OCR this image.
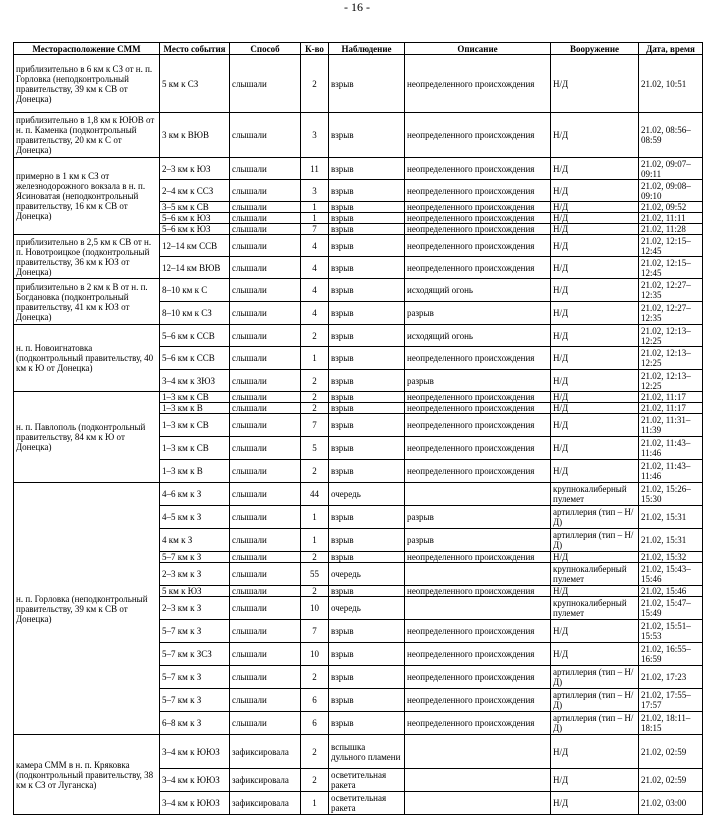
- 16 -
Месторасположение СММ	Место события	Способ	К-во	Наблюдение	Описание	Вооружение	Дата, время
приблизительно в 6 км к СЗ от н. п. Горловка (неподконтрольный правительству, 39 км к СВ от Донецка)	5 км к СЗ	слышали	2	взрыв	неопределенного происхождения	Н/Д	21.02, 10:51
приблизительно в 1,8 км к ЮЮВ от н. п. Каменка (подконтрольный правительству, 20 км к С от Донецка)	3 км к ВЮВ	слышали	3	взрыв	неопределенного происхождения	Н/Д	21.02, 08:56–08:59
примерно в 1 км к СЗ от железнодорожного вокзала в н. п. Ясиноватая (неподконтрольный правительству, 16 км к СВ от Донецка)	2–3 км к ЮЗ	слышали	11	взрыв	неопределенного происхождения	Н/Д	21.02, 09:07–09:11
	2–4 км к ССЗ	слышали	3	взрыв	неопределенного происхождения	Н/Д	21.02, 09:08–09:10
	3–5 км к СВ	слышали	1	взрыв	неопределенного происхождения	Н/Д	21.02, 09:52
	5–6 км к ЮЗ	слышали	1	взрыв	неопределенного происхождения	Н/Д	21.02, 11:11
	5–6 км к ЮЗ	слышали	7	взрыв	неопределенного происхождения	Н/Д	21.02, 11:28
приблизительно в 2,5 км к СВ от н. п. Новотроицкое (подконтрольный правительству, 36 км к ЮЗ от Донецка)	12–14 км ССВ	слышали	4	взрыв	неопределенного происхождения	Н/Д	21.02, 12:15–12:45
	12–14 км ВЮВ	слышали	4	взрыв	неопределенного происхождения	Н/Д	21.02, 12:15–12:45
приблизительно в 2 км к В от н. п. Богдановка (подконтрольный правительству, 41 км к ЮЗ от Донецка)	8–10 км к С	слышали	4	взрыв	исходящий огонь	Н/Д	21.02, 12:27–12:35
	8–10 км к СЗ	слышали	4	взрыв	разрыв	Н/Д	21.02, 12:27–12:35
н. п. Новоигнатовка (подконтрольный правительству, 40 км к Ю от Донецка)	5–6 км к ССВ	слышали	2	взрыв	исходящий огонь	Н/Д	21.02, 12:13–12:25
	5–6 км к ССВ	слышали	1	взрыв	неопределенного происхождения	Н/Д	21.02, 12:13–12:25
	3–4 км к ЗЮЗ	слышали	2	взрыв	разрыв	Н/Д	21.02, 12:13–12:25
н. п. Павлополь (подконтрольный правительству, 84 км к Ю от Донецка)	1–3 км к СВ	слышали	2	взрыв	неопределенного происхождения	Н/Д	21.02, 11:17
	1–3 км к В	слышали	2	взрыв	неопределенного происхождения	Н/Д	21.02, 11:17
	1–3 км к СВ	слышали	7	взрыв	неопределенного происхождения	Н/Д	21.02, 11:31–11:39
	1–3 км к СВ	слышали	5	взрыв	неопределенного происхождения	Н/Д	21.02, 11:43–11:46
	1–3 км к В	слышали	2	взрыв	неопределенного происхождения	Н/Д	21.02, 11:43–11:46
н. п. Горловка (неподконтрольный правительству, 39 км к СВ от Донецка)	4–6 км к З	слышали	44	очередь		крупнокалиберный пулемет	21.02, 15:26–15:30
	4–5 км к З	слышали	1	взрыв	разрыв	артиллерия (тип – Н/Д)	21.02, 15:31
	4 км к З	слышали	1	взрыв	разрыв	артиллерия (тип – Н/Д)	21.02, 15:31
	5–7 км к З	слышали	2	взрыв	неопределенного происхождения	Н/Д	21.02, 15:32
	2–3 км к З	слышали	55	очередь		крупнокалиберный пулемет	21.02, 15:43–15:46
	5 км к ЮЗ	слышали	2	взрыв	неопределенного происхождения	Н/Д	21.02, 15:46
	2–3 км к З	слышали	10	очередь		крупнокалиберный пулемет	21.02, 15:47–15:49
	5–7 км к З	слышали	7	взрыв	неопределенного происхождения	Н/Д	21.02, 15:51–15:53
	5–7 км к ЗСЗ	слышали	10	взрыв	неопределенного происхождения	Н/Д	21.02, 16:55–16:59
	5–7 км к З	слышали	2	взрыв	неопределенного происхождения	артиллерия (тип – Н/Д)	21.02, 17:23
	5–7 км к З	слышали	6	взрыв	неопределенного происхождения	артиллерия (тип – Н/Д)	21.02, 17:55–17:57
	6–8 км к З	слышали	6	взрыв	неопределенного происхождения	артиллерия (тип – Н/Д)	21.02, 18:11–18:15
камера СММ в н. п. Кряковка (подконтрольный правительству, 38 км к СЗ от Луганска)	3–4 км к ЮЮЗ	зафиксировала	2	вспышка дульного пламени		Н/Д	21.02, 02:59
	3–4 км к ЮЮЗ	зафиксировала	2	осветительная ракета		Н/Д	21.02, 02:59
	3–4 км к ЮЮЗ	зафиксировала	1	осветительная ракета		Н/Д	21.02, 03:00
